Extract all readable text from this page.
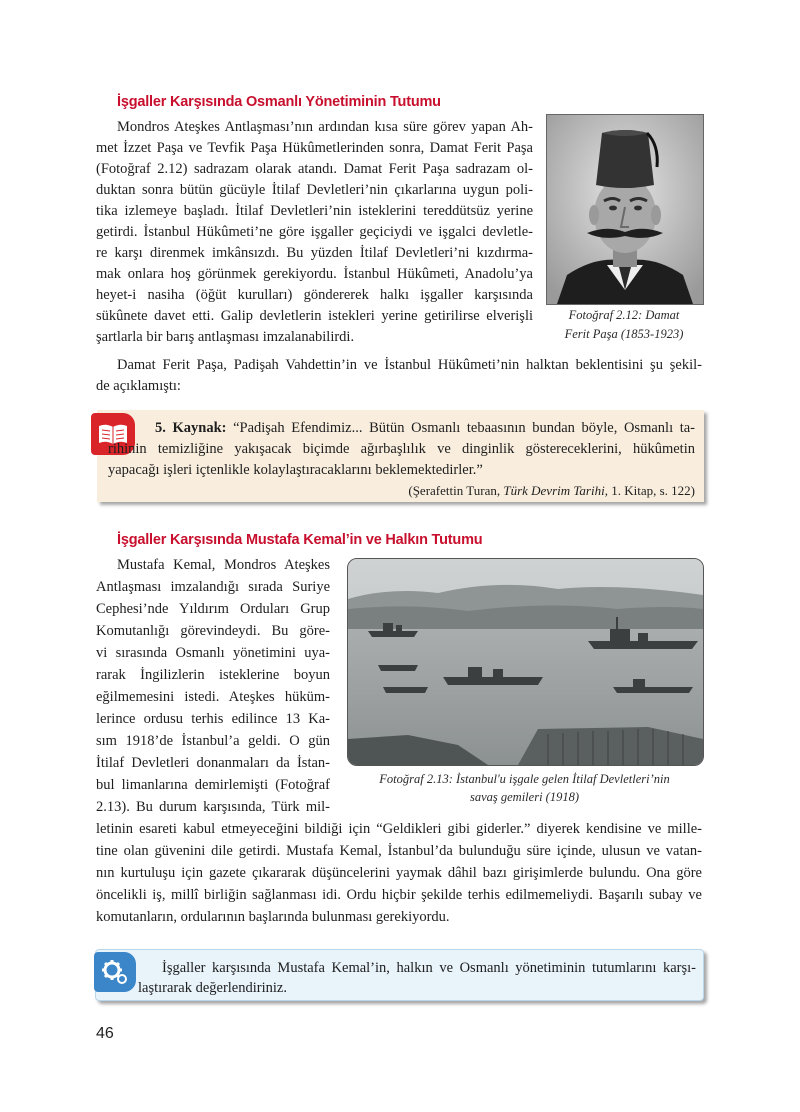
İşgaller Karşısında Osmanlı Yönetiminin Tutumu
Mondros Ateşkes Antlaşması’nın ardından kısa süre görev yapan Ah-
met İzzet Paşa ve Tevfik Paşa Hükûmetlerinden sonra, Damat Ferit Paşa
(Fotoğraf 2.12) sadrazam olarak atandı. Damat Ferit Paşa sadrazam ol-
duktan sonra bütün gücüyle İtilaf Devletleri’nin çıkarlarına uygun poli-
tika izlemeye başladı. İtilaf Devletleri’nin isteklerini tereddütsüz yerine
getirdi. İstanbul Hükûmeti’ne göre işgaller geçiciydi ve işgalci devletle-
re karşı direnmek imkânsızdı. Bu yüzden İtilaf Devletleri’ni kızdırma-
mak onlara hoş görünmek gerekiyordu. İstanbul Hükûmeti, Anadolu’ya
heyet-i nasiha (öğüt kurulları) göndererek halkı işgaller karşısında
sükûnete davet etti. Galip devletlerin istekleri yerine getirilirse elverişli
şartlarla bir barış antlaşması imzalanabilirdi.
Fotoğraf 2.12: Damat
Ferit Paşa (1853-1923)
Damat Ferit Paşa, Padişah Vahdettin’in ve İstanbul Hükûmeti’nin halktan beklentisini şu şekil-
de açıklamıştı:
5. Kaynak: “Padişah Efendimiz... Bütün Osmanlı tebaasının bundan böyle, Osmanlı ta-
rihinin temizliğine yakışacak biçimde ağırbaşlılık ve dinginlik göstereceklerini, hükûmetin
yapacağı işleri içtenlikle kolaylaştıracaklarını beklemektedirler.”
(Şerafettin Turan, Türk Devrim Tarihi, 1. Kitap, s. 122)
İşgaller Karşısında Mustafa Kemal’in ve Halkın Tutumu
Mustafa Kemal, Mondros Ateşkes
Antlaşması imzalandığı sırada Suriye
Cephesi’nde Yıldırım Orduları Grup
Komutanlığı görevindeydi. Bu göre-
vi sırasında Osmanlı yönetimini uya-
rarak İngilizlerin isteklerine boyun
eğilmemesini istedi. Ateşkes hüküm-
lerince ordusu terhis edilince 13 Ka-
sım 1918’de İstanbul’a geldi. O gün
İtilaf Devletleri donanmaları da İstan-
bul limanlarına demirlemişti (Fotoğraf
2.13). Bu durum karşısında, Türk mil-
letinin esareti kabul etmeyeceğini bildiği için “Geldikleri gibi giderler.” diyerek kendisine ve mille-
tine olan güvenini dile getirdi. Mustafa Kemal, İstanbul’da bulunduğu süre içinde, ulusun ve vatan-
nın kurtuluşu için gazete çıkararak düşüncelerini yaymak dâhil bazı girişimlerde bulundu. Ona göre
öncelikli iş, millî birliğin sağlanması idi. Ordu hiçbir şekilde terhis edilmemeliydi. Başarılı subay ve
komutanların, ordularının başlarında bulunması gerekiyordu.
Fotoğraf 2.13: İstanbul'u işgale gelen İtilaf Devletleri’nin
savaş gemileri (1918)
İşgaller karşısında Mustafa Kemal’in, halkın ve Osmanlı yönetiminin tutumlarını karşı-
laştırarak değerlendiriniz.
46
